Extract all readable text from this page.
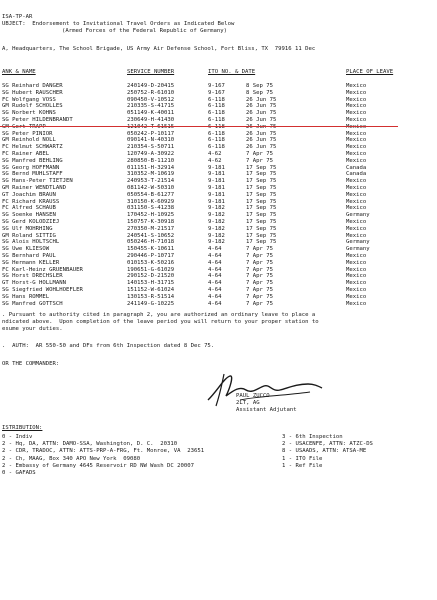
ISA-TP-AR
UBJECT:  Endorsement to Invitational Travel Orders as Indicated Below
(Armed Forces of the Federal Republic of Germany)
A, Headquarters, The School Brigade, US Army Air Defense School, Fort Bliss, TX  79916 11 Dec
ANK & NAME	SERVICE NUMBER	ITO NO. & DATE	PLACE OF LEAVE
SG Reinhard DANGER	240149-D-20415	9-167	8 Sep 75	Mexico
SG Hubert RAUSCHER	250752-R-61010	9-167	8 Sep 75	Mexico
FC Wolfgang VOSS	090450-V-10512	6-118	26 Jun 75	Mexico
GM Rudolf SCHOLLES	210335-S-41715	6-118	26 Jun 75	Mexico
SG Norbert KOHNS	051149-K-40011	6-118	26 Jun 75	Mexico
SG Peter HILDENBRANDT	230649-H-41430	6-118	26 Jun 75	Mexico
SG Peter PINIOR	050242-P-10117	6-118	26 Jun 75	Mexico
GM Reinhold NOLL	090141-N-40310	6-118	26 Jun 75	Mexico
FC Helmut SCHWARTZ	210354-S-50711	6-118	26 Jun 75	Mexico
FC Rainer ABEL	120749-A-30922	4-62	7 Apr 75	Mexico
SG Manfred BEHLING	280850-B-11210	4-62	7 Apr 75	Mexico
SG Georg HOFFMANN	011151-H-32914	9-181	17 Sep 75	Canada
SG Bernd MUHLSTAFF	310352-M-10619	9-181	17 Sep 75	Canada
SG Hans-Peter TIETJEN	240953-T-21514	9-181	17 Sep 75	Mexico
GM Rainer WENDTLAND	081142-W-50310	9-181	17 Sep 75	Mexico
GT Joachim BRAUN	050554-B-61277	9-181	17 Sep 75	Mexico
FC Richard KRAUSS	310150-K-60929	9-181	17 Sep 75	Mexico
FC Alfred SCHAUB	031150-S-41238	9-182	17 Sep 75	Mexico
SG Soenke HANSEN	170452-H-10925	9-182	17 Sep 75	Germany
SG Gerd KOLODZIEJ	150757-K-30918	9-182	17 Sep 75	Mexico
SG Ulf MOHRHING	270350-M-21517	9-182	17 Sep 75	Mexico
GM Roland SITTIG	240541-S-10652	9-182	17 Sep 75	Mexico
SG Alois HOLTSCHL	050246-H-71018	9-182	17 Sep 75	Germany
SG Uwe KLIESOW	150455-K-10611	4-64	7 Apr 75	Germany
SG Bernhard PAUL	290446-P-10717	4-64	7 Apr 75	Mexico
SG Hermann KELLER	010153-K-50216	4-64	7 Apr 75	Mexico
FC Karl-Heinz GRUENBAUER	190651-G-61029	4-64	7 Apr 75	Mexico
SG Horst DRECHSLER	290152-D-21520	4-64	7 Apr 75	Mexico
GT Horst-G HOLLMANN	140153-H-31715	4-64	7 Apr 75	Mexico
SG Siegfried WOHLHOEFLER	151152-W-61024	4-64	7 Apr 75	Mexico
SG Hans ROMMEL	130153-R-51514	4-64	7 Apr 75	Mexico
SG Manfred GOTTSCH	241149-G-10225	4-64	7 Apr 75	Mexico
. Pursuant to authority cited in paragraph 2, you are authorized an ordinary leave to place a
ndicated above.  Upon completion of the leave period you will return to your proper station to
esume your duties.
.  AUTH:  AR 550-50 and DFs from 6th Inspection dated 8 Dec 75.
OR THE COMMANDER:
PAUL ZUCCO
2LT, AG
Assistant Adjutant
ISTRIBUTION:
0 - Indiv
2 - Hq, DA, ATTN: DAMO-SSA, Washington, D. C.  20310
2 - CDR, TRADOC, ATTN: ATTS-PRP-A-FRG, Ft. Monroe, VA  23651
2 - Ch, MAAG, Box 340 APO New York  09080
2 - Embassy of Germany 4645 Reservoir RD NW Wash DC 20007
0 - GAFADS
3 - 6th Inspection
2 - USACENFE, ATTN: ATZC-DS
8 - USAADS, ATTN: ATSA-ME
1 - ITO File
1 - Ref File
